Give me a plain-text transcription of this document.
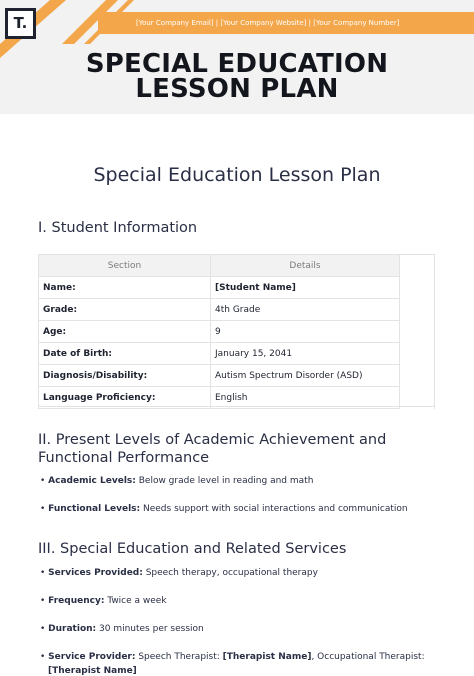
T.	[Your Company Email] | [Your Company Website] | [Your Company Number]
SPECIAL EDUCATION
LESSON PLAN
Special Education Lesson Plan
I. Student Information
Section	Details	
Name:	[Student Name]	
Grade:	4th Grade	
Age:	9	
Date of Birth:	January 15, 2041	
Diagnosis/Disability:	Autism Spectrum Disorder (ASD)	
Language Proficiency:	English	
II. Present Levels of Academic Achievement and
Functional Performance
• Academic Levels: Below grade level in reading and math
• Functional Levels: Needs support with social interactions and communication
III. Special Education and Related Services
• Services Provided: Speech therapy, occupational therapy
• Frequency: Twice a week
• Duration: 30 minutes per session
• Service Provider: Speech Therapist: [Therapist Name], Occupational Therapist:
[Therapist Name]
